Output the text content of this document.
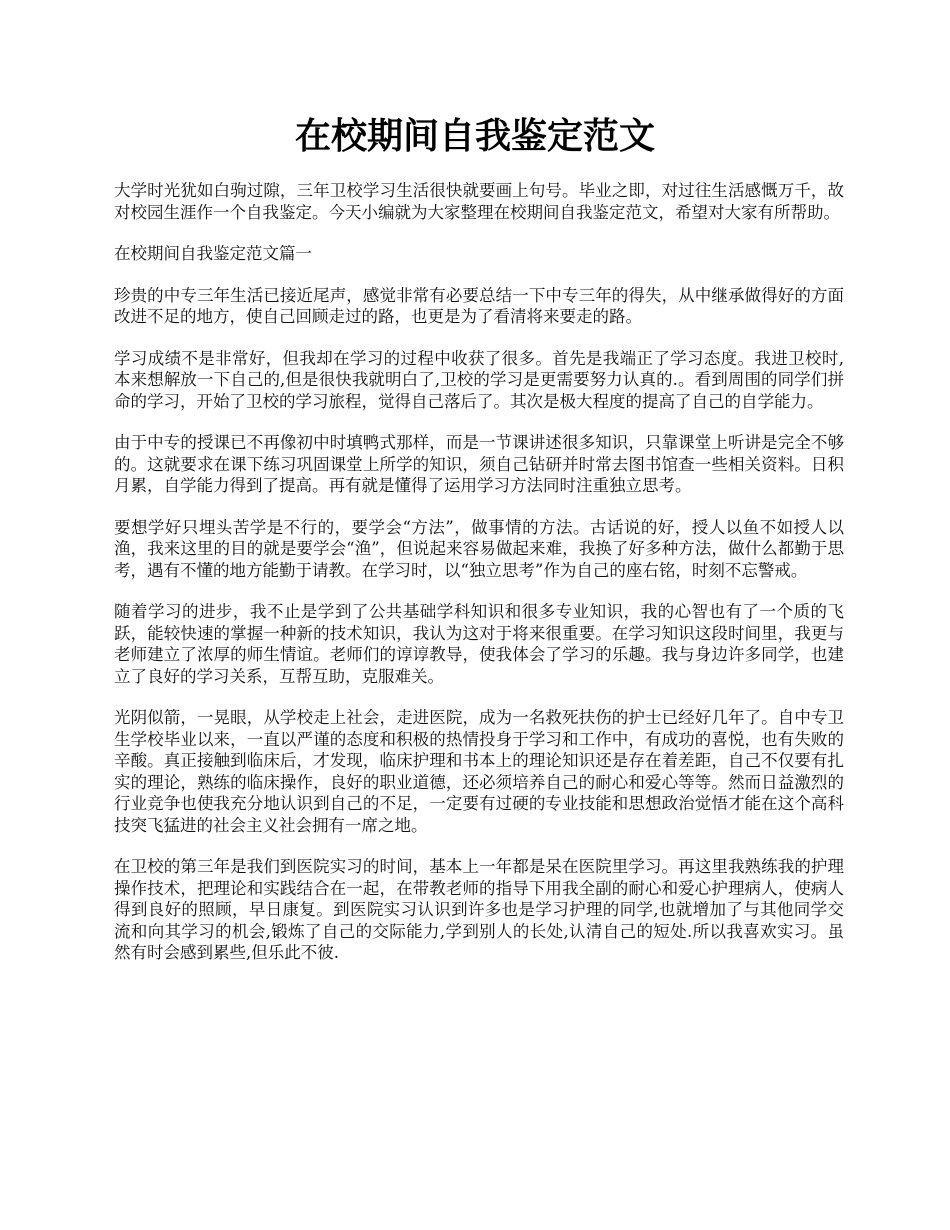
在校期间自我鉴定范文

大学时光犹如白驹过隙，三年卫校学习生活很快就要画上句号。毕业之即，对过往生活感慨万千，故对校园生涯作一个自我鉴定。今天小编就为大家整理在校期间自我鉴定范文，希望对大家有所帮助。

在校期间自我鉴定范文篇一

珍贵的中专三年生活已接近尾声，感觉非常有必要总结一下中专三年的得失，从中继承做得好的方面改进不足的地方，使自己回顾走过的路，也更是为了看清将来要走的路。

学习成绩不是非常好，但我却在学习的过程中收获了很多。首先是我端正了学习态度。我进卫校时,本来想解放一下自己的,但是很快我就明白了,卫校的学习是更需要努力认真的.。看到周围的同学们拼命的学习，开始了卫校的学习旅程，觉得自己落后了。其次是极大程度的提高了自己的自学能力。

由于中专的授课已不再像初中时填鸭式那样，而是一节课讲述很多知识，只靠课堂上听讲是完全不够的。这就要求在课下练习巩固课堂上所学的知识，须自己钻研并时常去图书馆查一些相关资料。日积月累，自学能力得到了提高。再有就是懂得了运用学习方法同时注重独立思考。

要想学好只埋头苦学是不行的，要学会“方法”，做事情的方法。古话说的好，授人以鱼不如授人以渔，我来这里的目的就是要学会“渔”，但说起来容易做起来难，我换了好多种方法，做什么都勤于思考，遇有不懂的地方能勤于请教。在学习时，以“独立思考”作为自己的座右铭，时刻不忘警戒。

随着学习的进步，我不止是学到了公共基础学科知识和很多专业知识，我的心智也有了一个质的飞跃，能较快速的掌握一种新的技术知识，我认为这对于将来很重要。在学习知识这段时间里，我更与老师建立了浓厚的师生情谊。老师们的谆谆教导，使我体会了学习的乐趣。我与身边许多同学，也建立了良好的学习关系，互帮互助，克服难关。

光阴似箭，一晃眼，从学校走上社会，走进医院，成为一名救死扶伤的护士已经好几年了。自中专卫生学校毕业以来，一直以严谨的态度和积极的热情投身于学习和工作中，有成功的喜悦，也有失败的辛酸。真正接触到临床后，才发现，临床护理和书本上的理论知识还是存在着差距，自己不仅要有扎实的理论，熟练的临床操作，良好的职业道德，还必须培养自己的耐心和爱心等等。然而日益激烈的行业竞争也使我充分地认识到自己的不足，一定要有过硬的专业技能和思想政治觉悟才能在这个高科技突飞猛进的社会主义社会拥有一席之地。

在卫校的第三年是我们到医院实习的时间，基本上一年都是呆在医院里学习。再这里我熟练我的护理操作技术，把理论和实践结合在一起，在带教老师的指导下用我全副的耐心和爱心护理病人，使病人得到良好的照顾，早日康复。到医院实习认识到许多也是学习护理的同学,也就增加了与其他同学交流和向其学习的机会,锻炼了自己的交际能力,学到别人的长处,认清自己的短处.所以我喜欢实习。虽然有时会感到累些,但乐此不彼.
